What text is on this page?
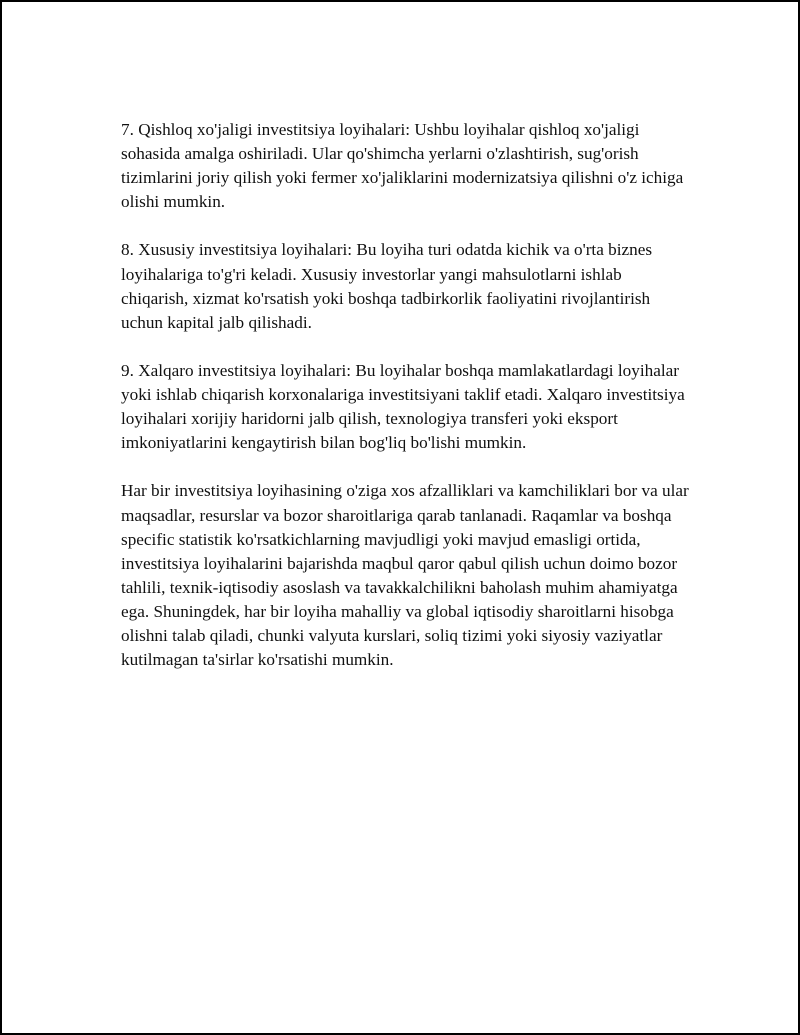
7. Qishloq xo'jaligi investitsiya loyihalari: Ushbu loyihalar qishloq xo'jaligi sohasida amalga oshiriladi. Ular qo'shimcha yerlarni o'zlashtirish, sug'orish tizimlarini joriy qilish yoki fermer xo'jaliklarini modernizatsiya qilishni o'z ichiga olishi mumkin.

8. Xususiy investitsiya loyihalari: Bu loyiha turi odatda kichik va o'rta biznes loyihalariga to'g'ri keladi. Xususiy investorlar yangi mahsulotlarni ishlab chiqarish, xizmat ko'rsatish yoki boshqa tadbirkorlik faoliyatini rivojlantirish uchun kapital jalb qilishadi.

9. Xalqaro investitsiya loyihalari: Bu loyihalar boshqa mamlakatlardagi loyihalar yoki ishlab chiqarish korxonalariga investitsiyani taklif etadi. Xalqaro investitsiya loyihalari xorijiy haridorni jalb qilish, texnologiya transferi yoki eksport imkoniyatlarini kengaytirish bilan bog'liq bo'lishi mumkin.

Har bir investitsiya loyihasining o'ziga xos afzalliklari va kamchiliklari bor va ular maqsadlar, resurslar va bozor sharoitlariga qarab tanlanadi. Raqamlar va boshqa specific statistik ko'rsatkichlarning mavjudligi yoki mavjud emasligi ortida, investitsiya loyihalarini bajarishda maqbul qaror qabul qilish uchun doimo bozor tahlili, texnik-iqtisodiy asoslash va tavakkalchilikni baholash muhim ahamiyatga ega. Shuningdek, har bir loyiha mahalliy va global iqtisodiy sharoitlarni hisobga olishni talab qiladi, chunki valyuta kurslari, soliq tizimi yoki siyosiy vaziyatlar kutilmagan ta'sirlar ko'rsatishi mumkin.
